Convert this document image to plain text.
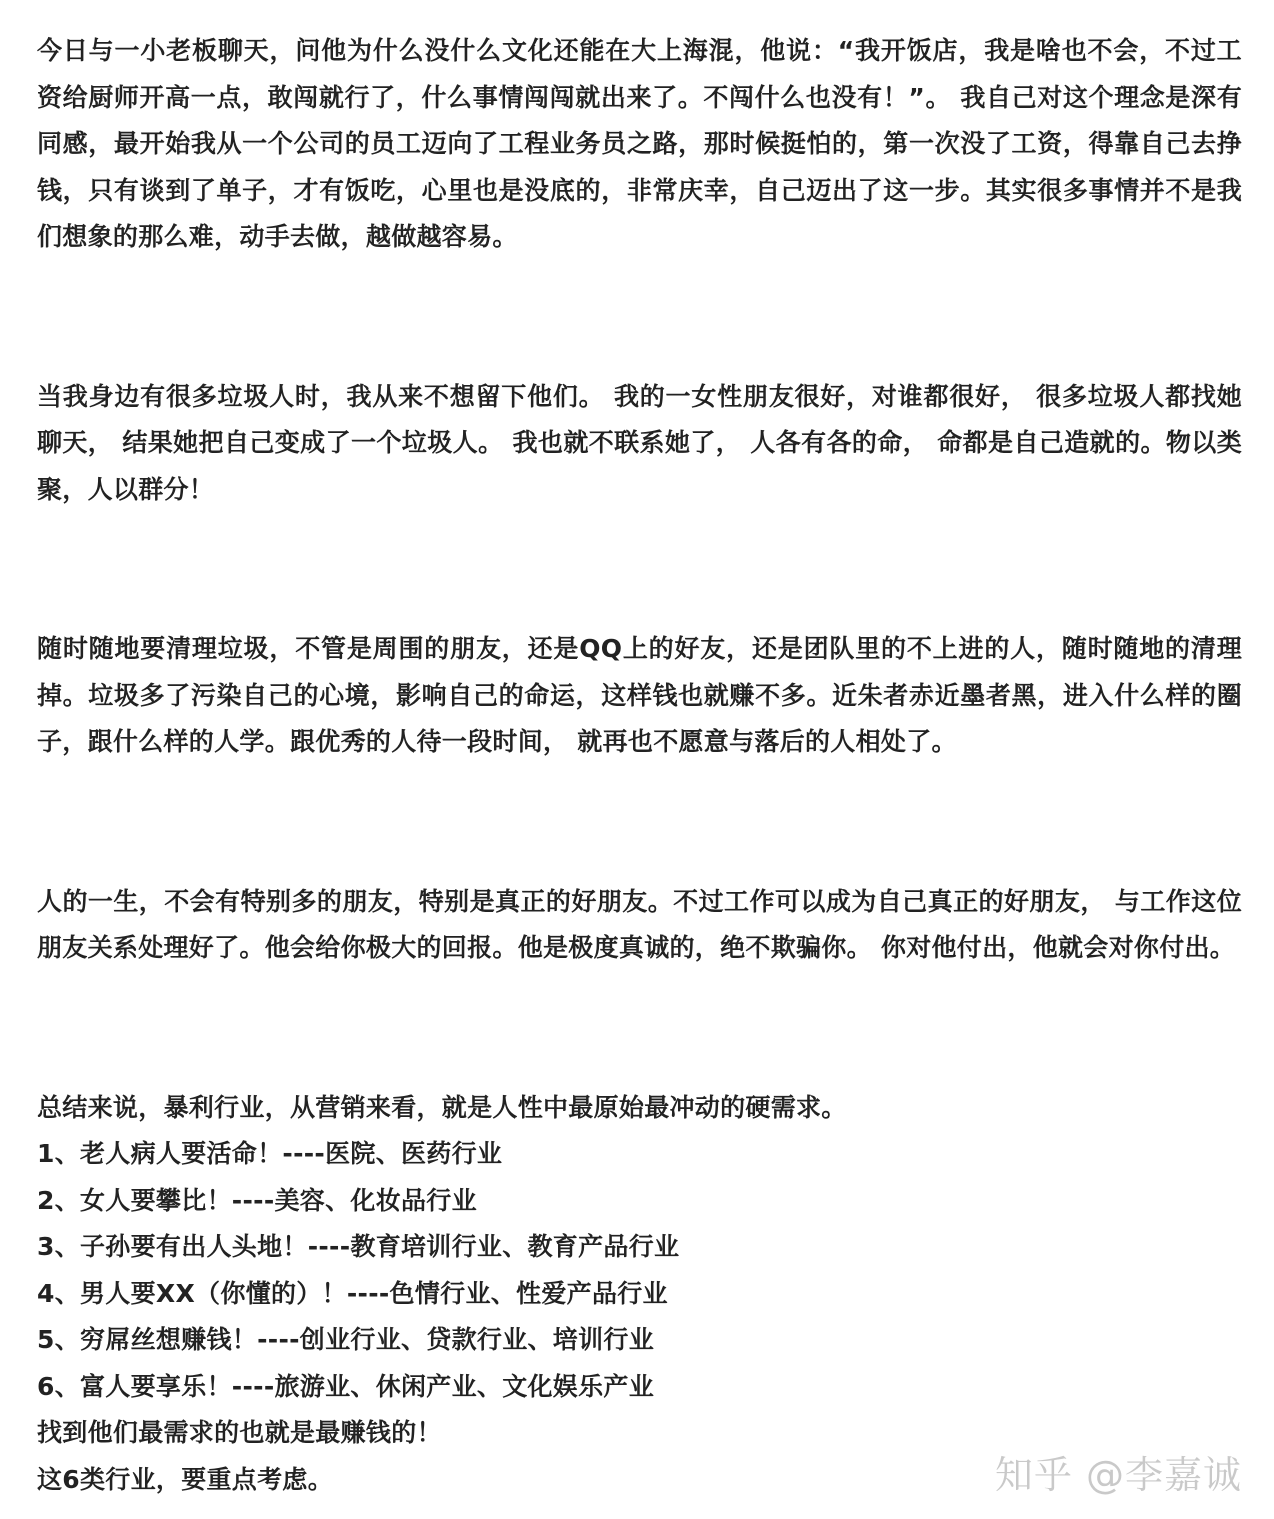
今日与一小老板聊天，问他为什么没什么文化还能在大上海混，他说：“我开饭店，我是啥也不会，不过工资给厨师开高一点，敢闯就行了，什么事情闯闯就出来了。不闯什么也没有！”。 我自己对这个理念是深有同感，最开始我从一个公司的员工迈向了工程业务员之路，那时候挺怕的，第一次没了工资，得靠自己去挣钱，只有谈到了单子，才有饭吃，心里也是没底的，非常庆幸，自己迈出了这一步。其实很多事情并不是我们想象的那么难，动手去做，越做越容易。

当我身边有很多垃圾人时，我从来不想留下他们。 我的一女性朋友很好，对谁都很好， 很多垃圾人都找她聊天， 结果她把自己变成了一个垃圾人。 我也就不联系她了， 人各有各的命， 命都是自己造就的。物以类聚，人以群分！

随时随地要清理垃圾，不管是周围的朋友，还是QQ上的好友，还是团队里的不上进的人，随时随地的清理掉。垃圾多了污染自己的心境，影响自己的命运，这样钱也就赚不多。近朱者赤近墨者黑，进入什么样的圈子，跟什么样的人学。跟优秀的人待一段时间， 就再也不愿意与落后的人相处了。

人的一生，不会有特别多的朋友，特别是真正的好朋友。不过工作可以成为自己真正的好朋友， 与工作这位朋友关系处理好了。他会给你极大的回报。他是极度真诚的，绝不欺骗你。 你对他付出，他就会对你付出。

总结来说，暴利行业，从营销来看，就是人性中最原始最冲动的硬需求。
1、老人病人要活命！----医院、医药行业
2、女人要攀比！----美容、化妆品行业
3、子孙要有出人头地！----教育培训行业、教育产品行业
4、男人要XX（你懂的）！----色情行业、性爱产品行业
5、穷屌丝想赚钱！----创业行业、贷款行业、培训行业
6、富人要享乐！----旅游业、休闲产业、文化娱乐产业
找到他们最需求的也就是最赚钱的！
这6类行业，要重点考虑。	知乎 @李嘉诚
